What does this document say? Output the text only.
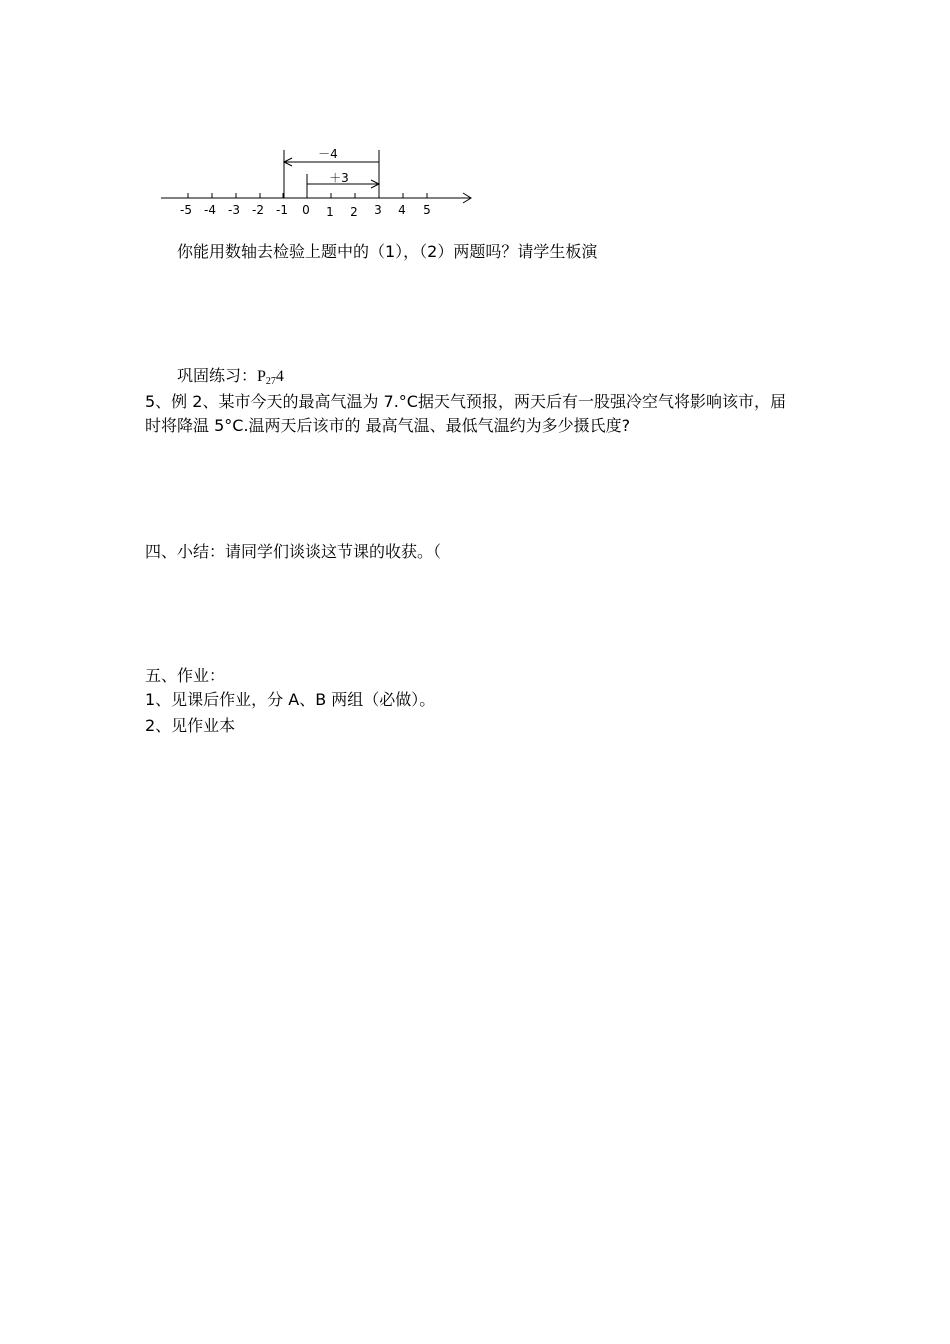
-5 -4 -3 -2 -1 0 1 2 3 4 5
－4
＋3
你能用数轴去检验上题中的（1），（2）两题吗？请学生板演
巩固练习：$P_{27}4$
5、例 2、某市今天的最高气温为 7.°C据天气预报，两天后有一股强冷空气将影响该市，届
时将降温 5°C.温两天后该市的 最高气温、最低气温约为多少摄氏度?
四、小结：请同学们谈谈这节课的收获。（
五、作业：
1、见课后作业，分 A、B 两组（必做）。
2、见作业本
